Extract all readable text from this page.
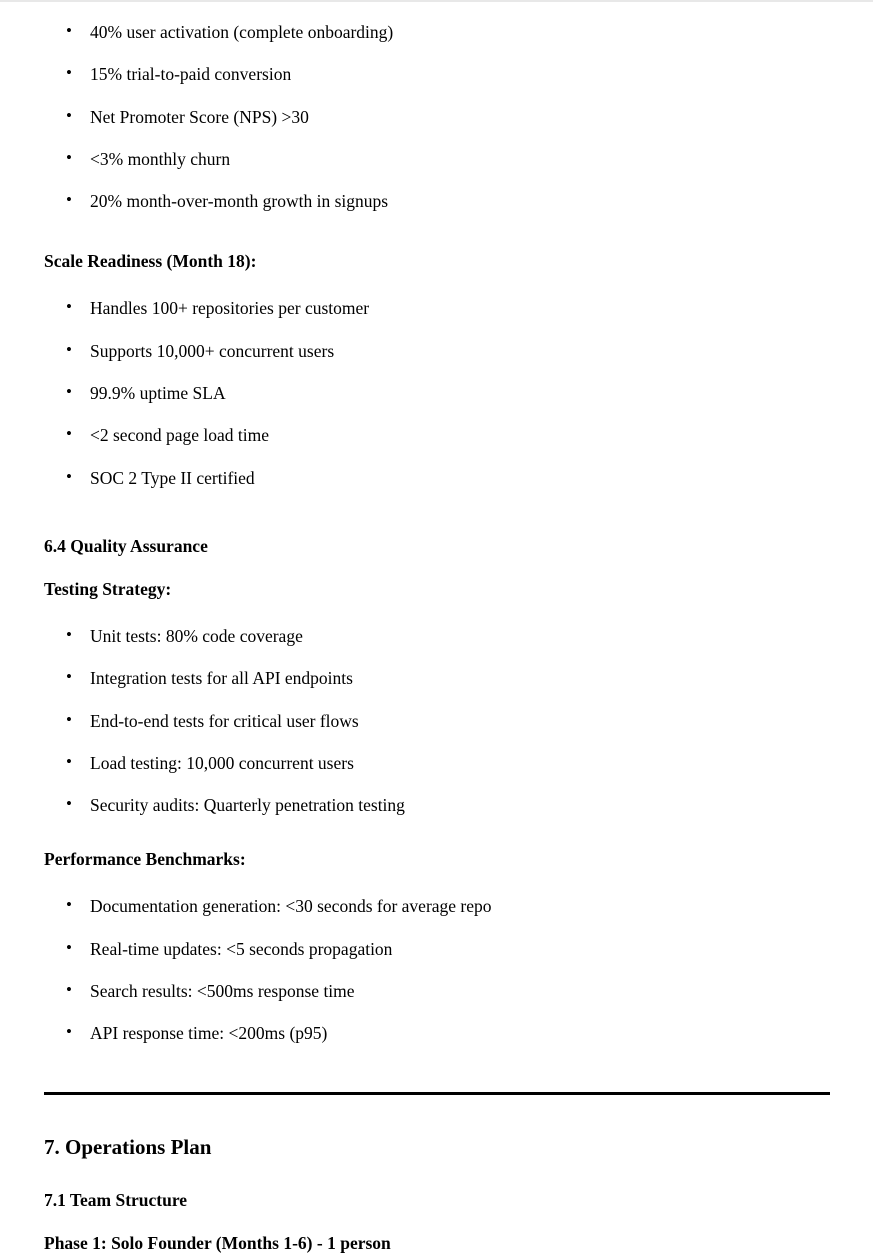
• 40% user activation (complete onboarding)
• 15% trial-to-paid conversion
• Net Promoter Score (NPS) >30
• <3% monthly churn
• 20% month-over-month growth in signups
Scale Readiness (Month 18):
• Handles 100+ repositories per customer
• Supports 10,000+ concurrent users
• 99.9% uptime SLA
• <2 second page load time
• SOC 2 Type II certified
6.4 Quality Assurance
Testing Strategy:
• Unit tests: 80% code coverage
• Integration tests for all API endpoints
• End-to-end tests for critical user flows
• Load testing: 10,000 concurrent users
• Security audits: Quarterly penetration testing
Performance Benchmarks:
• Documentation generation: <30 seconds for average repo
• Real-time updates: <5 seconds propagation
• Search results: <500ms response time
• API response time: <200ms (p95)
7. Operations Plan
7.1 Team Structure
Phase 1: Solo Founder (Months 1-6) - 1 person
